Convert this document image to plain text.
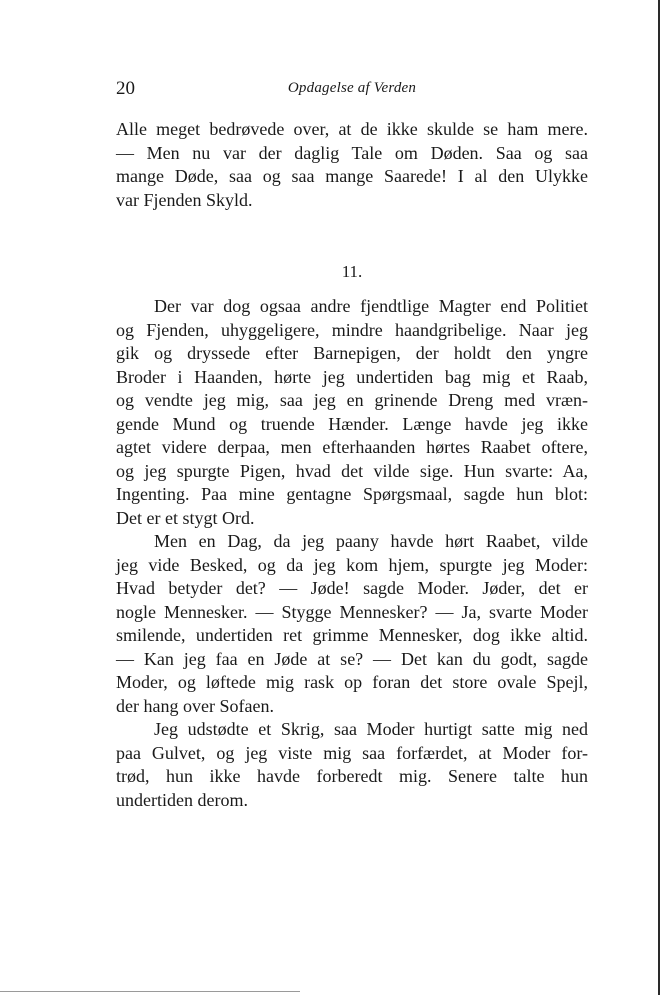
20	Opdagelse af Verden
Alle meget bedrøvede over, at de ikke skulde se ham mere.
— Men nu var der daglig Tale om Døden. Saa og saa
mange Døde, saa og saa mange Saarede! I al den Ulykke
var Fjenden Skyld.
11.
Der var dog ogsaa andre fjendtlige Magter end Politiet
og Fjenden, uhyggeligere, mindre haandgribelige. Naar jeg
gik og dryssede efter Barnepigen, der holdt den yngre
Broder i Haanden, hørte jeg undertiden bag mig et Raab,
og vendte jeg mig, saa jeg en grinende Dreng med vræn-
gende Mund og truende Hænder. Længe havde jeg ikke
agtet videre derpaa, men efterhaanden hørtes Raabet oftere,
og jeg spurgte Pigen, hvad det vilde sige. Hun svarte: Aa,
Ingenting. Paa mine gentagne Spørgsmaal, sagde hun blot:
Det er et stygt Ord.
Men en Dag, da jeg paany havde hørt Raabet, vilde
jeg vide Besked, og da jeg kom hjem, spurgte jeg Moder:
Hvad betyder det? — Jøde! sagde Moder. Jøder, det er
nogle Mennesker. — Stygge Mennesker? — Ja, svarte Moder
smilende, undertiden ret grimme Mennesker, dog ikke altid.
— Kan jeg faa en Jøde at se? — Det kan du godt, sagde
Moder, og løftede mig rask op foran det store ovale Spejl,
der hang over Sofaen.
Jeg udstødte et Skrig, saa Moder hurtigt satte mig ned
paa Gulvet, og jeg viste mig saa forfærdet, at Moder for-
trød, hun ikke havde forberedt mig. Senere talte hun
undertiden derom.
